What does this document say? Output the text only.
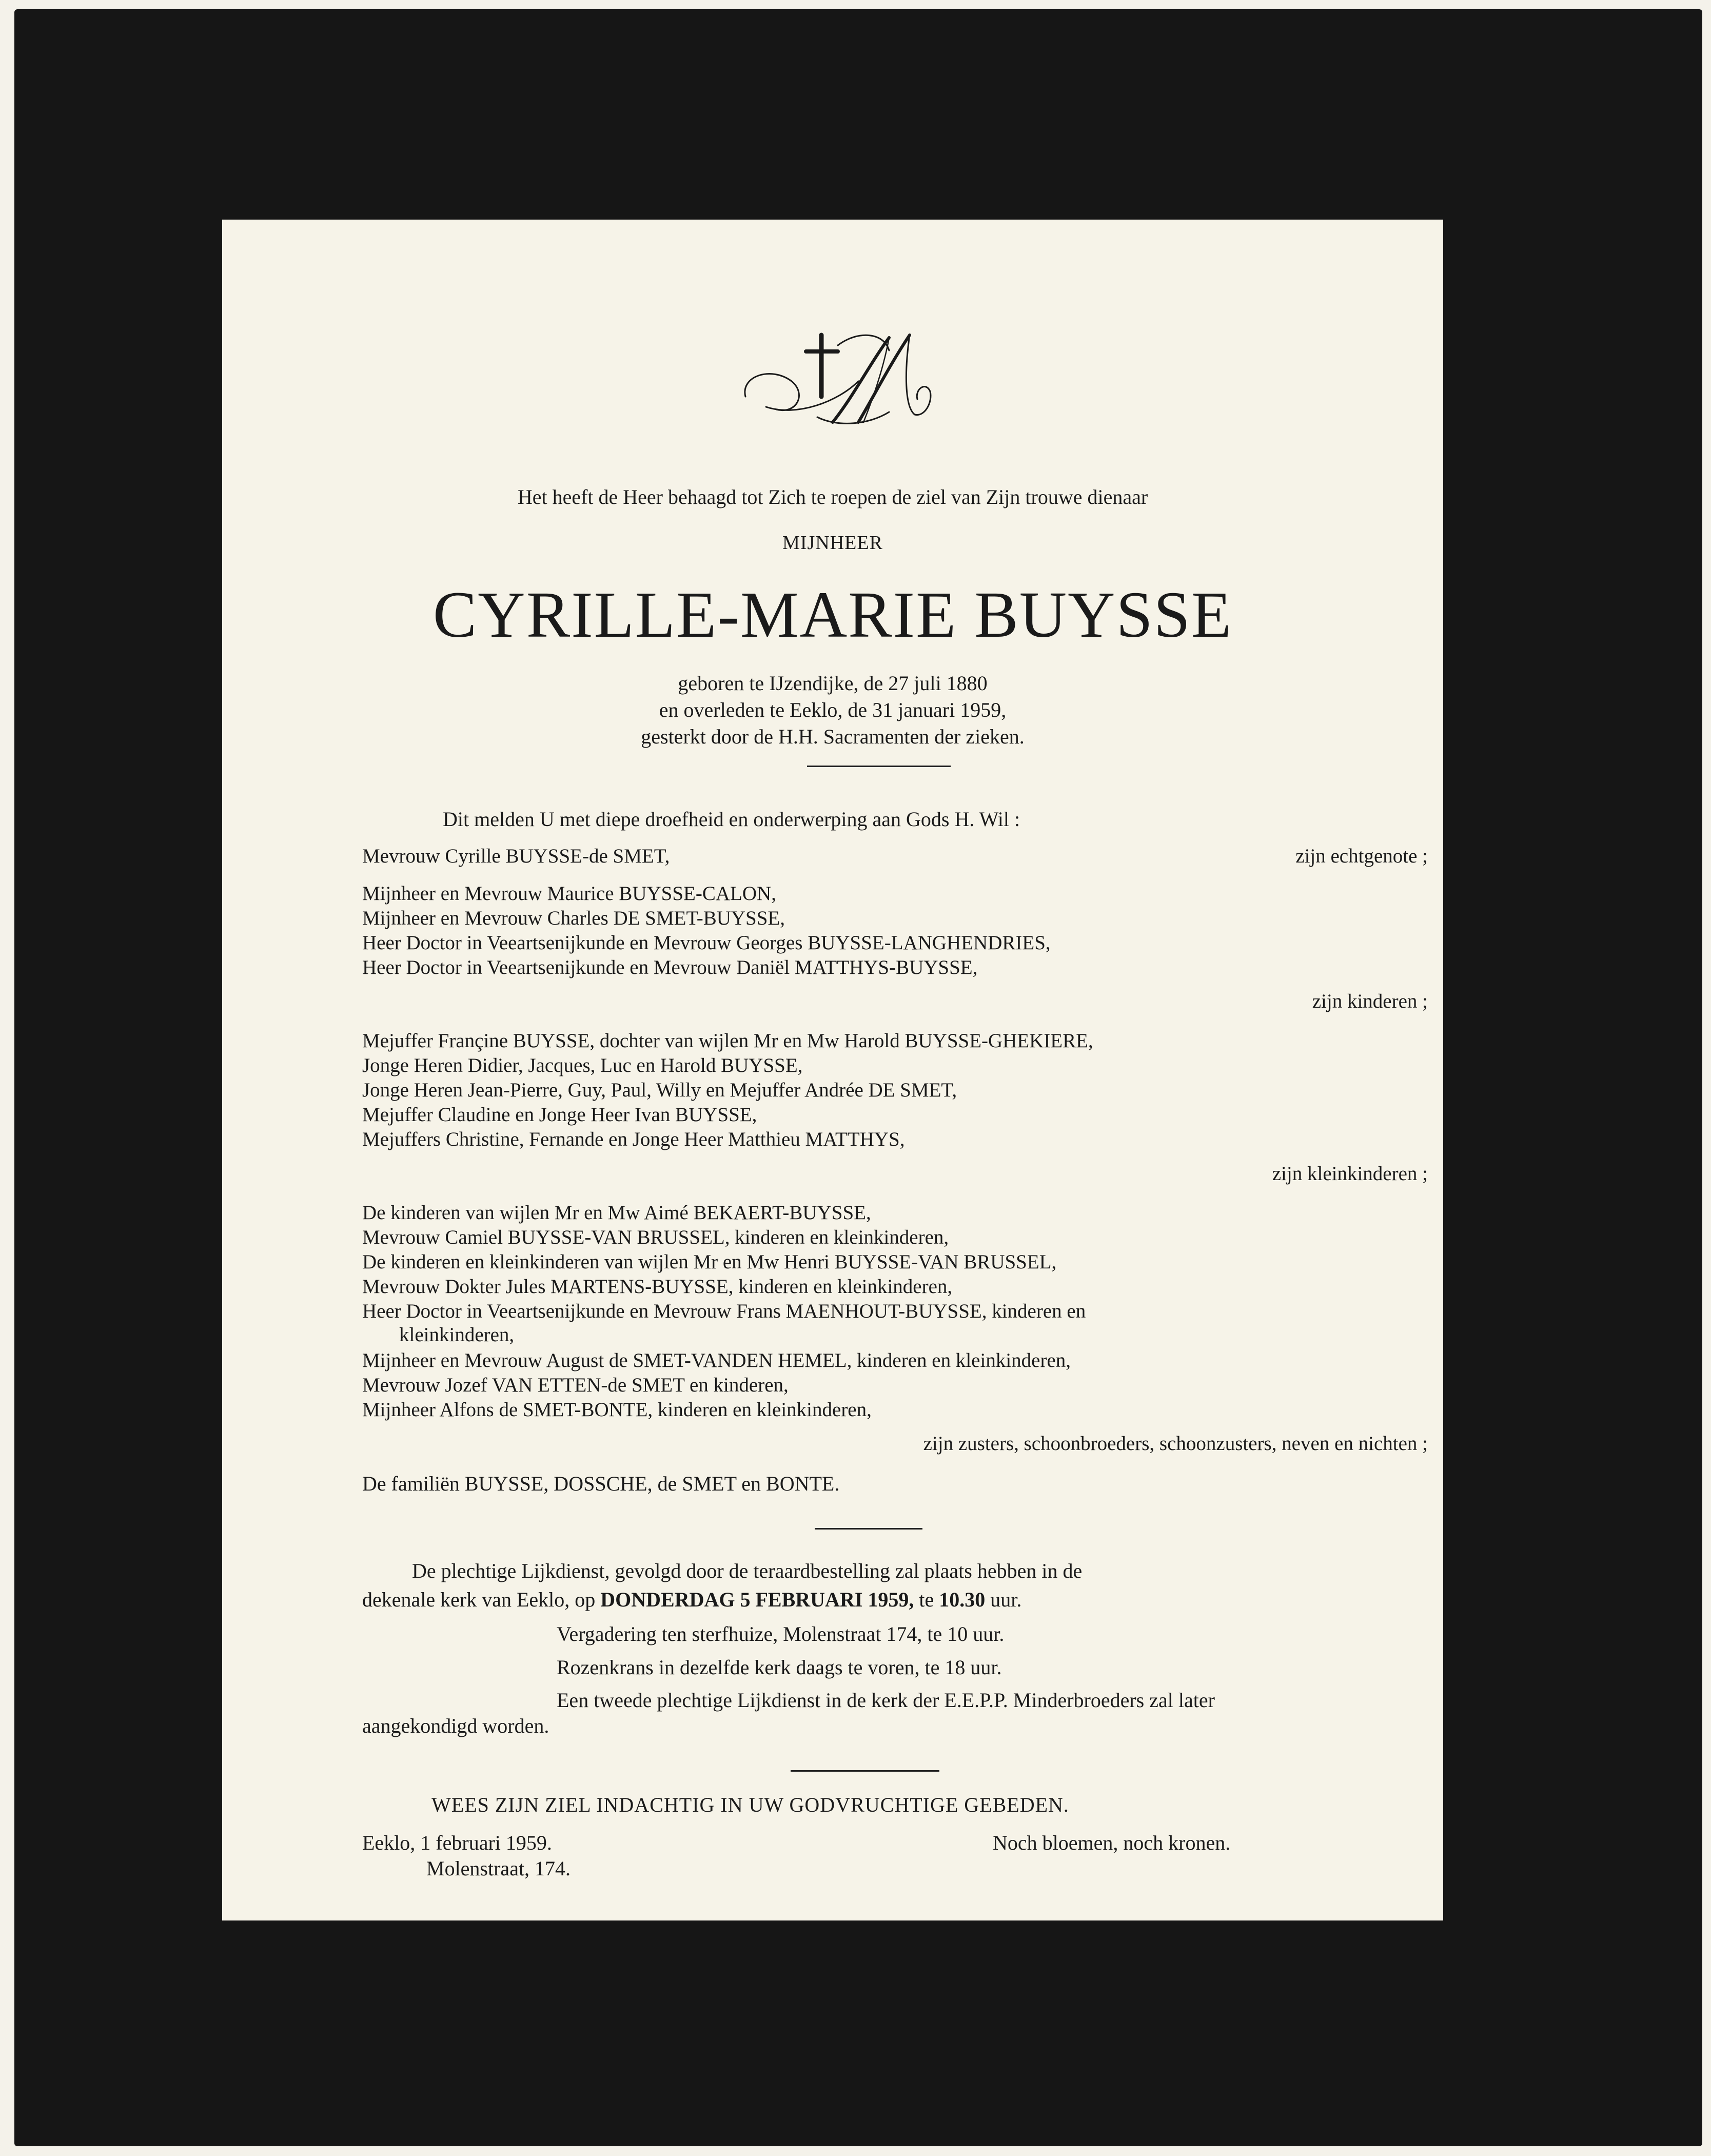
Het heeft de Heer behaagd tot Zich te roepen de ziel van Zijn trouwe dienaar
MIJNHEER
CYRILLE-MARIE BUYSSE
geboren te IJzendijke, de 27 juli 1880
en overleden te Eeklo, de 31 januari 1959,
gesterkt door de H.H. Sacramenten der zieken.
Dit melden U met diepe droefheid en onderwerping aan Gods H. Wil :
Mevrouw Cyrille BUYSSE-de SMET,	zijn echtgenote ;
Mijnheer en Mevrouw Maurice BUYSSE-CALON,
Mijnheer en Mevrouw Charles DE SMET-BUYSSE,
Heer Doctor in Veeartsenijkunde en Mevrouw Georges BUYSSE-LANGHENDRIES,
Heer Doctor in Veeartsenijkunde en Mevrouw Daniël MATTHYS-BUYSSE,
zijn kinderen ;
Mejuffer Françine BUYSSE, dochter van wijlen Mr en Mw Harold BUYSSE-GHEKIERE,
Jonge Heren Didier, Jacques, Luc en Harold BUYSSE,
Jonge Heren Jean-Pierre, Guy, Paul, Willy en Mejuffer Andrée DE SMET,
Mejuffer Claudine en Jonge Heer Ivan BUYSSE,
Mejuffers Christine, Fernande en Jonge Heer Matthieu MATTHYS,
zijn kleinkinderen ;
De kinderen van wijlen Mr en Mw Aimé BEKAERT-BUYSSE,
Mevrouw Camiel BUYSSE-VAN BRUSSEL, kinderen en kleinkinderen,
De kinderen en kleinkinderen van wijlen Mr en Mw Henri BUYSSE-VAN BRUSSEL,
Mevrouw Dokter Jules MARTENS-BUYSSE, kinderen en kleinkinderen,
Heer Doctor in Veeartsenijkunde en Mevrouw Frans MAENHOUT-BUYSSE, kinderen en
kleinkinderen,
Mijnheer en Mevrouw August de SMET-VANDEN HEMEL, kinderen en kleinkinderen,
Mevrouw Jozef VAN ETTEN-de SMET en kinderen,
Mijnheer Alfons de SMET-BONTE, kinderen en kleinkinderen,
zijn zusters, schoonbroeders, schoonzusters, neven en nichten ;
De familiën BUYSSE, DOSSCHE, de SMET en BONTE.
De plechtige Lijkdienst, gevolgd door de teraardbestelling zal plaats hebben in de
dekenale kerk van Eeklo, op DONDERDAG 5 FEBRUARI 1959, te 10.30 uur.
Vergadering ten sterfhuize, Molenstraat 174, te 10 uur.
Rozenkrans in dezelfde kerk daags te voren, te 18 uur.
Een tweede plechtige Lijkdienst in de kerk der E.E.P.P. Minderbroeders zal later
aangekondigd worden.
WEES ZIJN ZIEL INDACHTIG IN UW GODVRUCHTIGE GEBEDEN.
Eeklo, 1 februari 1959.
Molenstraat, 174.
Noch bloemen, noch kronen.
